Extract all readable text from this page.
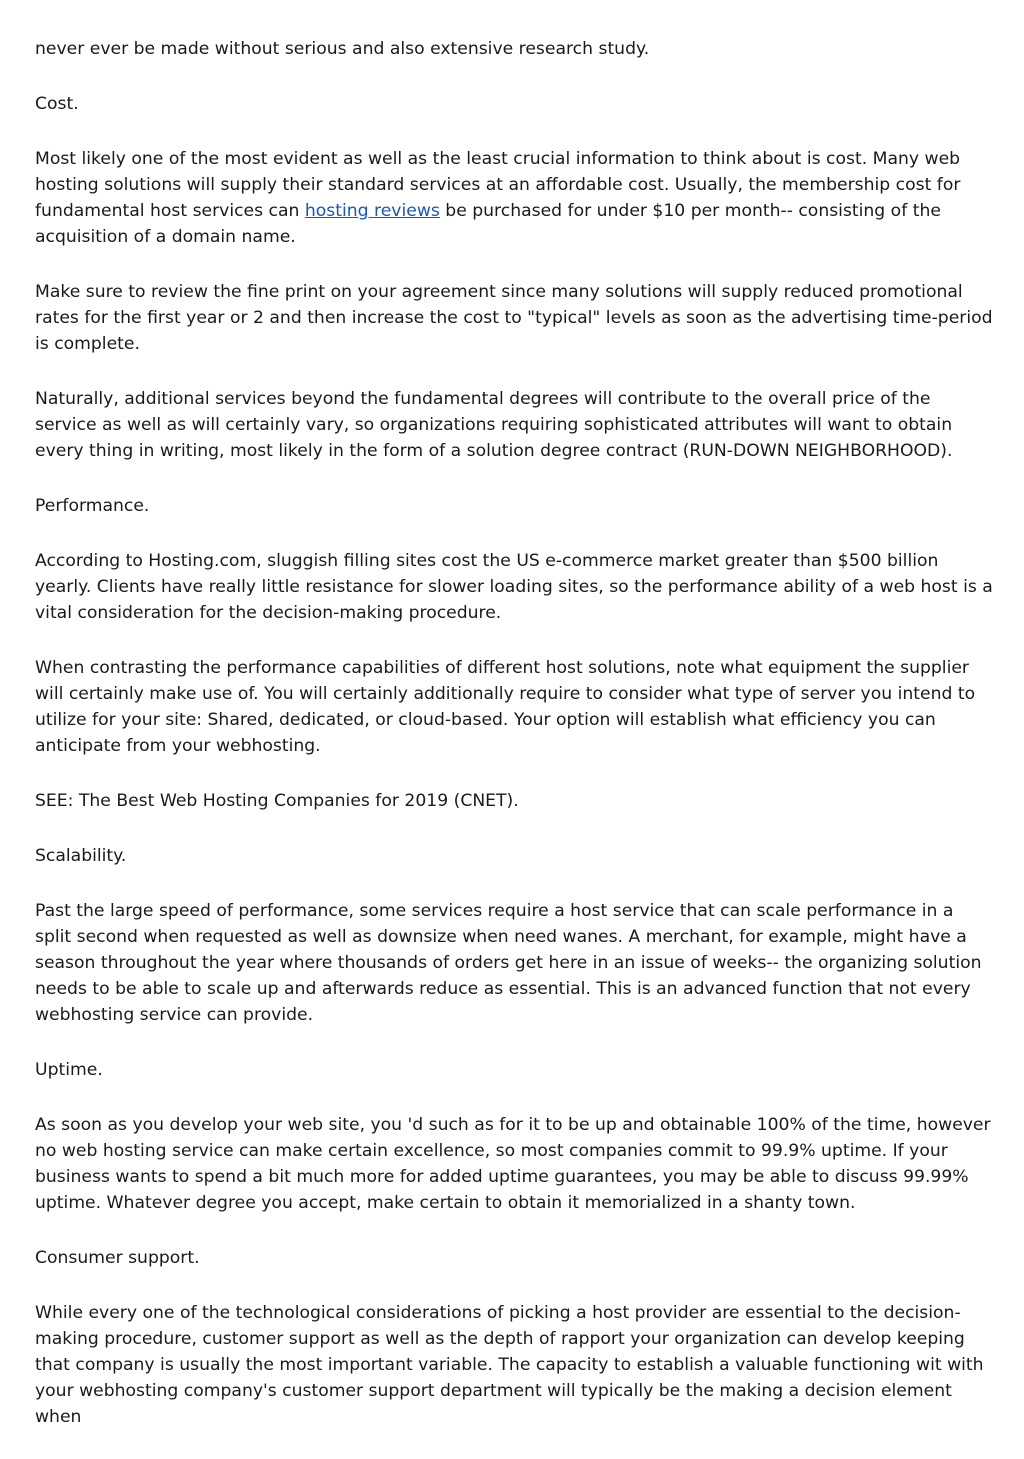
never ever be made without serious and also extensive research study.

Cost.

Most likely one of the most evident as well as the least crucial information to think about is cost. Many web hosting solutions will supply their standard services at an affordable cost. Usually, the membership cost for fundamental host services can hosting reviews be purchased for under $10 per month-- consisting of the acquisition of a domain name.

Make sure to review the fine print on your agreement since many solutions will supply reduced promotional rates for the first year or 2 and then increase the cost to "typical" levels as soon as the advertising time-period is complete.

Naturally, additional services beyond the fundamental degrees will contribute to the overall price of the service as well as will certainly vary, so organizations requiring sophisticated attributes will want to obtain every thing in writing, most likely in the form of a solution degree contract (RUN-DOWN NEIGHBORHOOD).

Performance.

According to Hosting.com, sluggish filling sites cost the US e-commerce market greater than $500 billion yearly. Clients have really little resistance for slower loading sites, so the performance ability of a web host is a vital consideration for the decision-making procedure.

When contrasting the performance capabilities of different host solutions, note what equipment the supplier will certainly make use of. You will certainly additionally require to consider what type of server you intend to utilize for your site: Shared, dedicated, or cloud-based. Your option will establish what efficiency you can anticipate from your webhosting.

SEE: The Best Web Hosting Companies for 2019 (CNET).

Scalability.

Past the large speed of performance, some services require a host service that can scale performance in a split second when requested as well as downsize when need wanes. A merchant, for example, might have a season throughout the year where thousands of orders get here in an issue of weeks-- the organizing solution needs to be able to scale up and afterwards reduce as essential. This is an advanced function that not every webhosting service can provide.

Uptime.

As soon as you develop your web site, you 'd such as for it to be up and obtainable 100% of the time, however no web hosting service can make certain excellence, so most companies commit to 99.9% uptime. If your business wants to spend a bit much more for added uptime guarantees, you may be able to discuss 99.99% uptime. Whatever degree you accept, make certain to obtain it memorialized in a shanty town.

Consumer support.

While every one of the technological considerations of picking a host provider are essential to the decision-making procedure, customer support as well as the depth of rapport your organization can develop keeping that company is usually the most important variable. The capacity to establish a valuable functioning wit with your webhosting company's customer support department will typically be the making a decision element when
